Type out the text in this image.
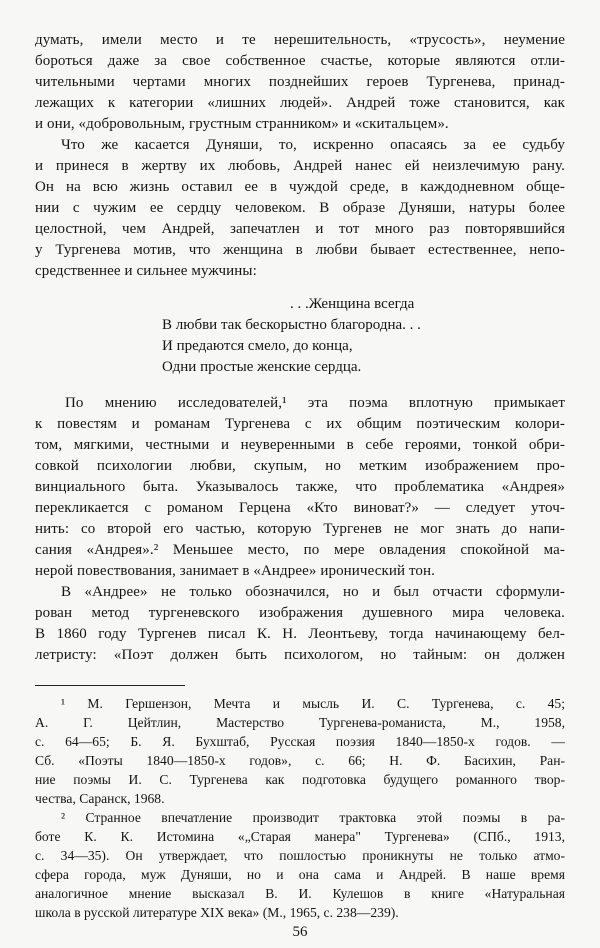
думать, имели место и те нерешительность, «трусость», неумение
бороться даже за свое собственное счастье, которые являются отли-
чительными чертами многих позднейших героев Тургенева, принад-
лежащих к категории «лишних людей». Андрей тоже становится, как
и они, «добровольным, грустным странником» и «скитальцем».
Что же касается Дуняши, то, искренно опасаясь за ее судьбу
и принеся в жертву их любовь, Андрей нанес ей неизлечимую рану.
Он на всю жизнь оставил ее в чуждой среде, в каждодневном обще-
нии с чужим ее сердцу человеком. В образе Дуняши, натуры более
целостной, чем Андрей, запечатлен и тот много раз повторявшийся
у Тургенева мотив, что женщина в любви бывает естественнее, непо-
средственнее и сильнее мужчины:
. . .Женщина всегда
В любви так бескорыстно благородна. . .
И предаются смело, до конца,
Одни простые женские сердца.
По мнению исследователей,¹ эта поэма вплотную примыкает
к повестям и романам Тургенева с их общим поэтическим колори-
том, мягкими, честными и неуверенными в себе героями, тонкой обри-
совкой психологии любви, скупым, но метким изображением про-
винциального быта. Указывалось также, что проблематика «Андрея»
перекликается с романом Герцена «Кто виноват?» — следует уточ-
нить: со второй его частью, которую Тургенев не мог знать до напи-
сания «Андрея».² Меньшее место, по мере овладения спокойной ма-
нерой повествования, занимает в «Андрее» иронический тон.
В «Андрее» не только обозначился, но и был отчасти сформули-
рован метод тургеневского изображения душевного мира человека.
В 1860 году Тургенев писал К. Н. Леонтьеву, тогда начинающему бел-
летристу: «Поэт должен быть психологом, но тайным: он должен
¹ М. Гершензон, Мечта и мысль И. С. Тургенева, с. 45;
А. Г. Цейтлин, Мастерство Тургенева-романиста, М., 1958,
с. 64—65; Б. Я. Бухштаб, Русская поэзия 1840—1850-х годов. —
Сб. «Поэты 1840—1850-х годов», с. 66; Н. Ф. Басихин, Ран-
ние поэмы И. С. Тургенева как подготовка будущего романного твор-
чества, Саранск, 1968.
² Странное впечатление производит трактовка этой поэмы в ра-
боте К. К. Истомина «„Старая манера" Тургенева» (СПб., 1913,
с. 34—35). Он утверждает, что пошлостью проникнуты не только атмо-
сфера города, муж Дуняши, но и она сама и Андрей. В наше время
аналогичное мнение высказал В. И. Кулешов в книге «Натуральная
школа в русской литературе XIX века» (М., 1965, с. 238—239).
56
